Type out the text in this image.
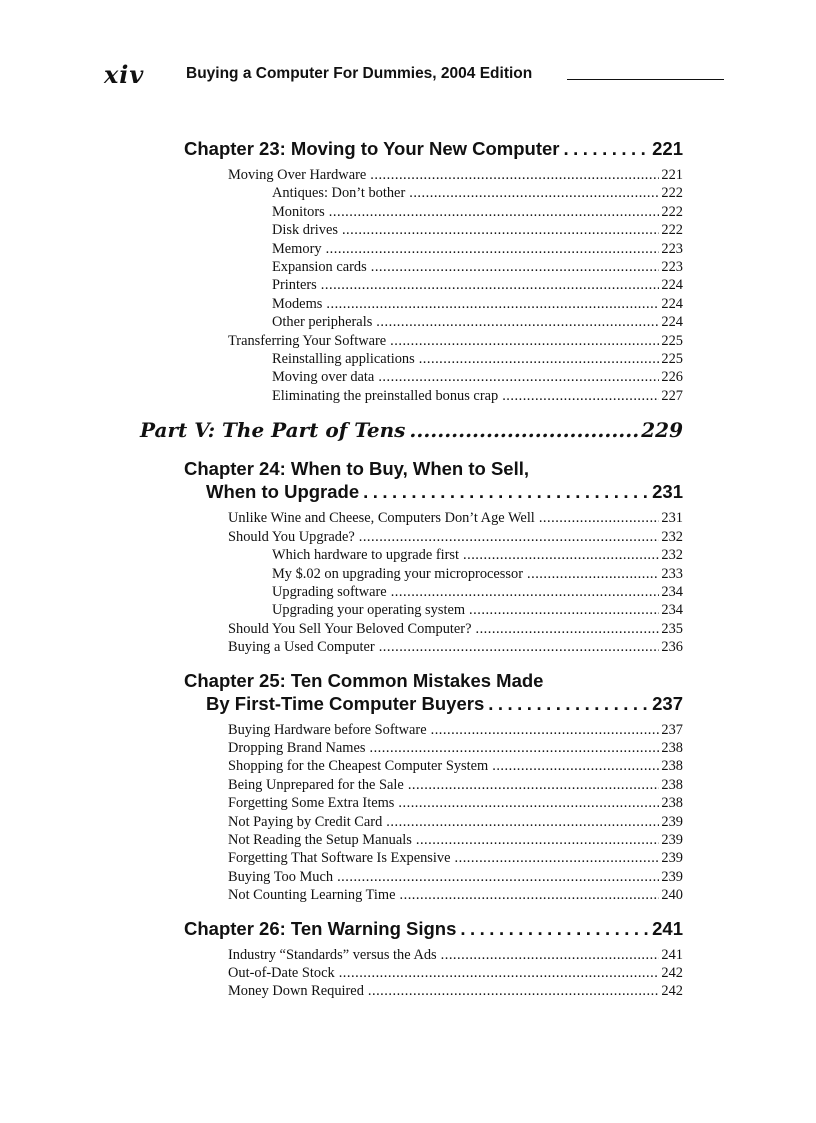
xiv	Buying a Computer For Dummies, 2004 Edition
Chapter 23: Moving to Your New Computer .....	221
Moving Over Hardware .....	221
Antiques: Don’t bother .....	222
Monitors .....	222
Disk drives .....	222
Memory .....	223
Expansion cards .....	223
Printers .....	224
Modems .....	224
Other peripherals .....	224
Transferring Your Software .....	225
Reinstalling applications .....	225
Moving over data .....	226
Eliminating the preinstalled bonus crap .....	227
Part V: The Part of Tens .....	229
Chapter 24: When to Buy, When to Sell,
When to Upgrade .....	231
Unlike Wine and Cheese, Computers Don’t Age Well .....	231
Should You Upgrade? .....	232
Which hardware to upgrade first .....	232
My $.02 on upgrading your microprocessor .....	233
Upgrading software .....	234
Upgrading your operating system .....	234
Should You Sell Your Beloved Computer? .....	235
Buying a Used Computer .....	236
Chapter 25: Ten Common Mistakes Made
By First-Time Computer Buyers .....	237
Buying Hardware before Software .....	237
Dropping Brand Names .....	238
Shopping for the Cheapest Computer System .....	238
Being Unprepared for the Sale .....	238
Forgetting Some Extra Items .....	238
Not Paying by Credit Card .....	239
Not Reading the Setup Manuals .....	239
Forgetting That Software Is Expensive .....	239
Buying Too Much .....	239
Not Counting Learning Time .....	240
Chapter 26: Ten Warning Signs .....	241
Industry “Standards” versus the Ads .....	241
Out-of-Date Stock .....	242
Money Down Required .....	242
